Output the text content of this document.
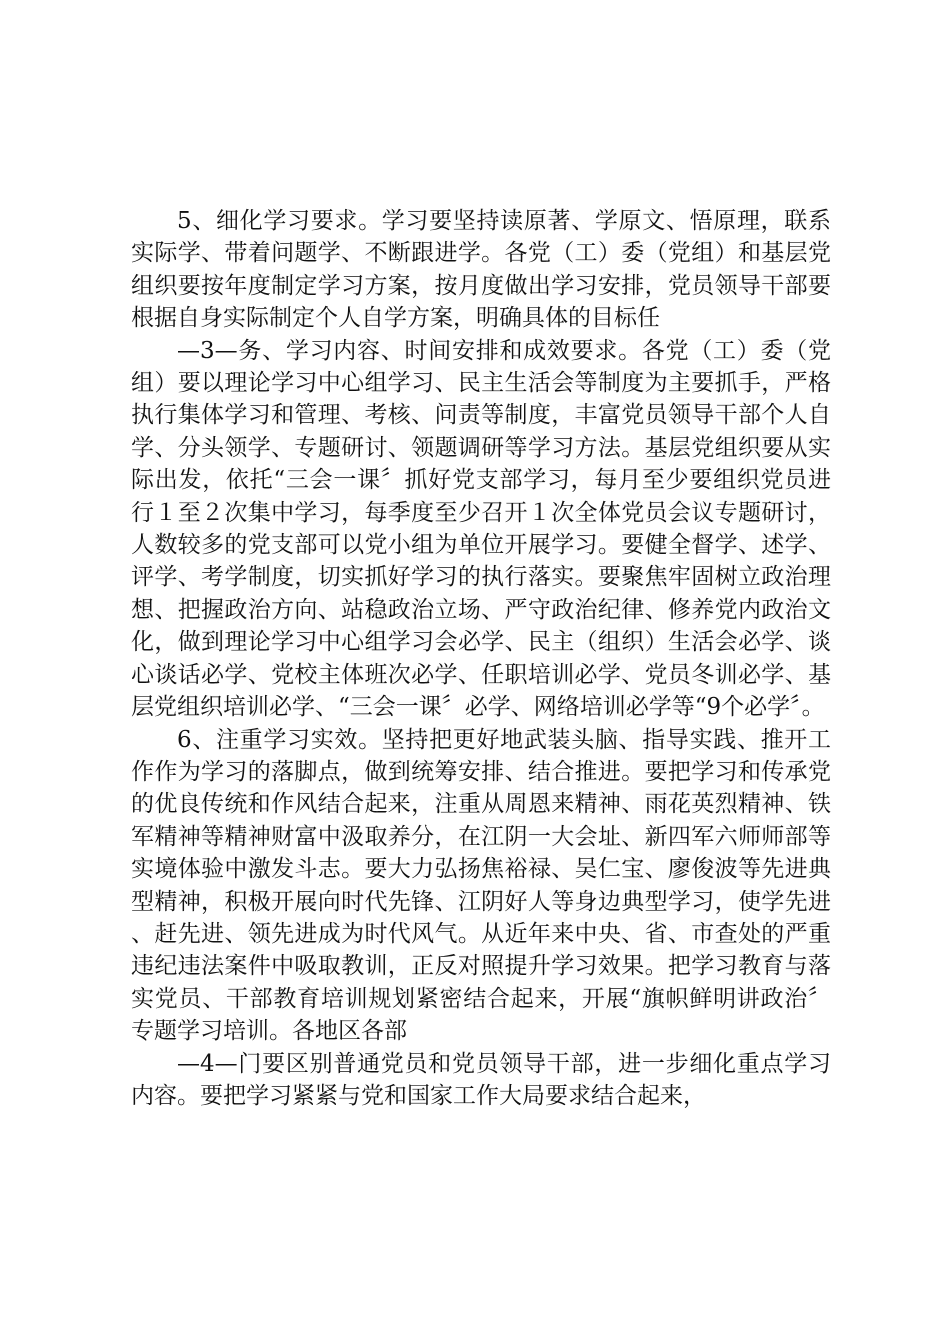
5、细化学习要求。学习要坚持读原著、学原文、悟原理，联系实际学、带着问题学、不断跟进学。各党（工）委（党组）和基层党组织要按年度制定学习方案，按月度做出学习安排，党员领导干部要根据自身实际制定个人自学方案，明确具体的目标任

—3—务、学习内容、时间安排和成效要求。各党（工）委（党组）要以理论学习中心组学习、民主生活会等制度为主要抓手，严格执行集体学习和管理、考核、问责等制度，丰富党员领导干部个人自学、分头领学、专题研讨、领题调研等学习方法。基层党组织要从实际出发，依托“三会一课〞抓好党支部学习，每月至少要组织党员进行１至２次集中学习，每季度至少召开１次全体党员会议专题研讨，人数较多的党支部可以党小组为单位开展学习。要健全督学、述学、评学、考学制度，切实抓好学习的执行落实。要聚焦牢固树立政治理想、把握政治方向、站稳政治立场、严守政治纪律、修养党内政治文化，做到理论学习中心组学习会必学、民主（组织）生活会必学、谈心谈话必学、党校主体班次必学、任职培训必学、党员冬训必学、基层党组织培训必学、“三会一课〞必学、网络培训必学等“9个必学〞。

6、注重学习实效。坚持把更好地武装头脑、指导实践、推开工作作为学习的落脚点，做到统筹安排、结合推进。要把学习和传承党的优良传统和作风结合起来，注重从周恩来精神、雨花英烈精神、铁军精神等精神财富中汲取养分，在江阴一大会址、新四军六师师部等实境体验中激发斗志。要大力弘扬焦裕禄、吴仁宝、廖俊波等先进典型精神，积极开展向时代先锋、江阴好人等身边典型学习，使学先进、赶先进、领先进成为时代风气。从近年来中央、省、市查处的严重违纪违法案件中吸取教训，正反对照提升学习效果。把学习教育与落实党员、干部教育培训规划紧密结合起来，开展“旗帜鲜明讲政治〞专题学习培训。各地区各部

—4—门要区别普通党员和党员领导干部，进一步细化重点学习内容。要把学习紧紧与党和国家工作大局要求结合起来，
